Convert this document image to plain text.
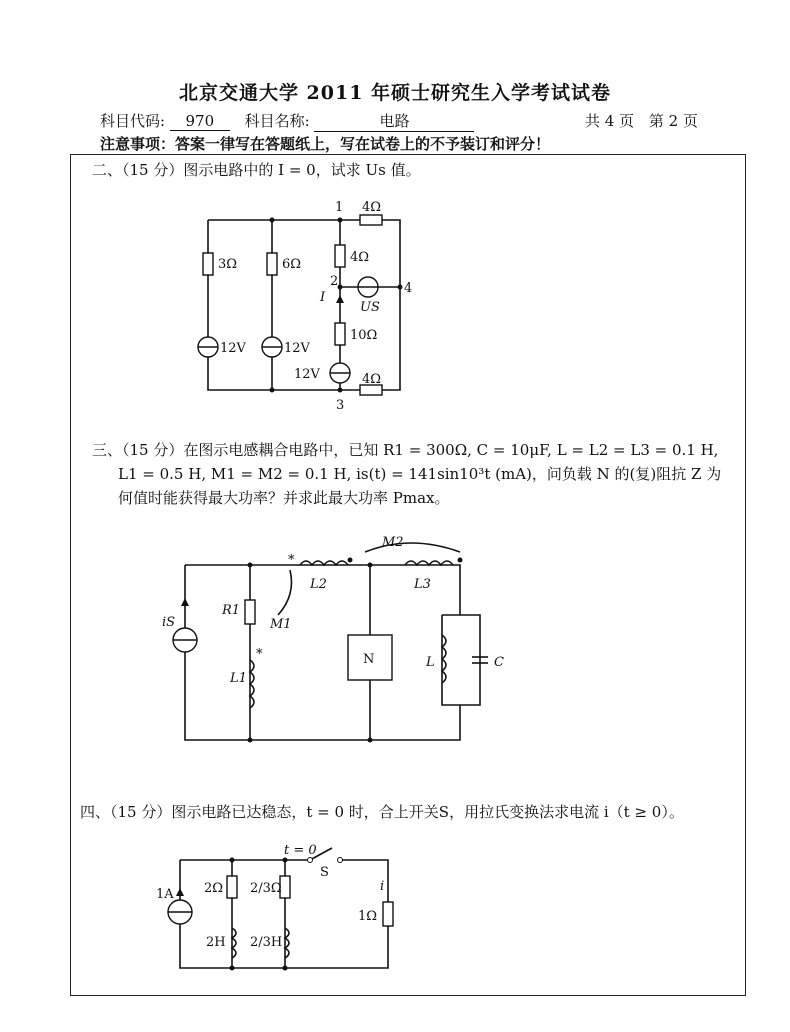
北京交通大学 2011 年硕士研究生入学考试试卷
科目代码: 970 科目名称:	电路	共 4 页 第 2 页
注意事项：答案一律写在答题纸上，写在试卷上的不予装订和评分！
二、（15 分）图示电路中的 I = 0，试求 Us 值。
1
2
3
4
4Ω
3Ω	6Ω	4Ω
10Ω
4Ω
12V	12V
12V
I
US
三、（15 分）在图示电感耦合电路中，已知 R1 = 300Ω, C = 10μF, L = L2 = L3 = 0.1 H,
L1 = 0.5 H, M1 = M2 = 0.1 H, is(t) = 141sin10³t (mA)，问负载 N 的(复)阻抗 Z 为
何值时能获得最大功率？并求此最大功率 Pmax。
iS
R1
L1
L2	L3
M1
M2
N	L	C
*
*
四、（15 分）图示电路已达稳态，t = 0 时，合上开关S，用拉氏变换法求电流 i（t ≥ 0）。
1A 2Ω 2/3Ω
1Ω
2H 2/3H
S
t = 0
i
